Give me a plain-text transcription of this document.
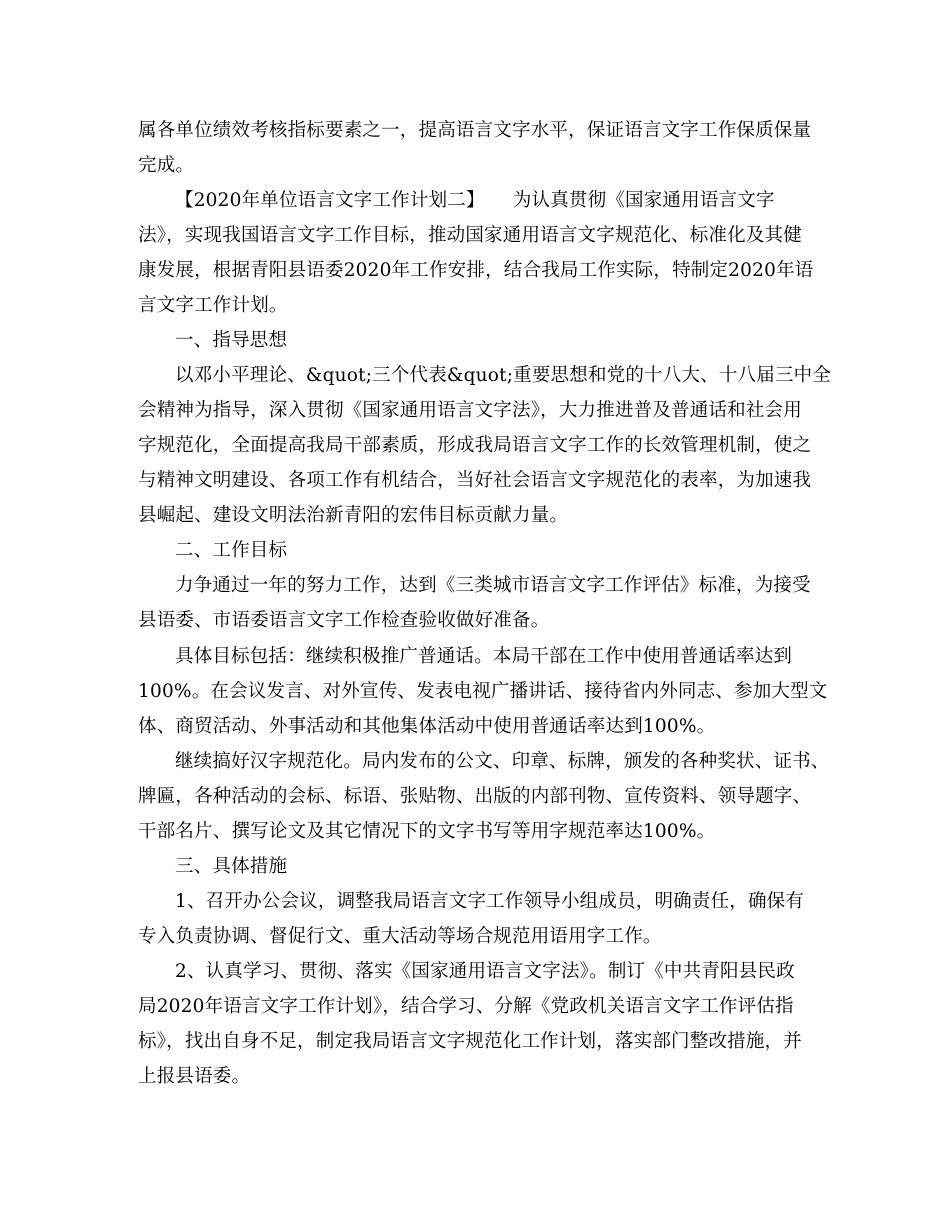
属各单位绩效考核指标要素之一，提高语言文字水平，保证语言文字工作保质保量
完成。
【2020年单位语言文字工作计划二】　　为认真贯彻《国家通用语言文字
法》，实现我国语言文字工作目标，推动国家通用语言文字规范化、标准化及其健
康发展，根据青阳县语委2020年工作安排，结合我局工作实际，特制定2020年语
言文字工作计划。
一、指导思想
以邓小平理论、&quot;三个代表&quot;重要思想和党的十八大、十八届三中全
会精神为指导，深入贯彻《国家通用语言文字法》，大力推进普及普通话和社会用
字规范化，全面提高我局干部素质，形成我局语言文字工作的长效管理机制，使之
与精神文明建设、各项工作有机结合，当好社会语言文字规范化的表率，为加速我
县崛起、建设文明法治新青阳的宏伟目标贡献力量。
二、工作目标
力争通过一年的努力工作，达到《三类城市语言文字工作评估》标准，为接受
县语委、市语委语言文字工作检查验收做好准备。
具体目标包括：继续积极推广普通话。本局干部在工作中使用普通话率达到
100%。在会议发言、对外宣传、发表电视广播讲话、接待省内外同志、参加大型文
体、商贸活动、外事活动和其他集体活动中使用普通话率达到100%。
继续搞好汉字规范化。局内发布的公文、印章、标牌，颁发的各种奖状、证书、
牌匾，各种活动的会标、标语、张贴物、出版的内部刊物、宣传资料、领导题字、
干部名片、撰写论文及其它情况下的文字书写等用字规范率达100%。
三、具体措施
1、召开办公会议，调整我局语言文字工作领导小组成员，明确责任，确保有
专入负责协调、督促行文、重大活动等场合规范用语用字工作。
2、认真学习、贯彻、落实《国家通用语言文字法》。制订《中共青阳县民政
局2020年语言文字工作计划》，结合学习、分解《党政机关语言文字工作评估指
标》，找出自身不足，制定我局语言文字规范化工作计划，落实部门整改措施，并
上报县语委。
